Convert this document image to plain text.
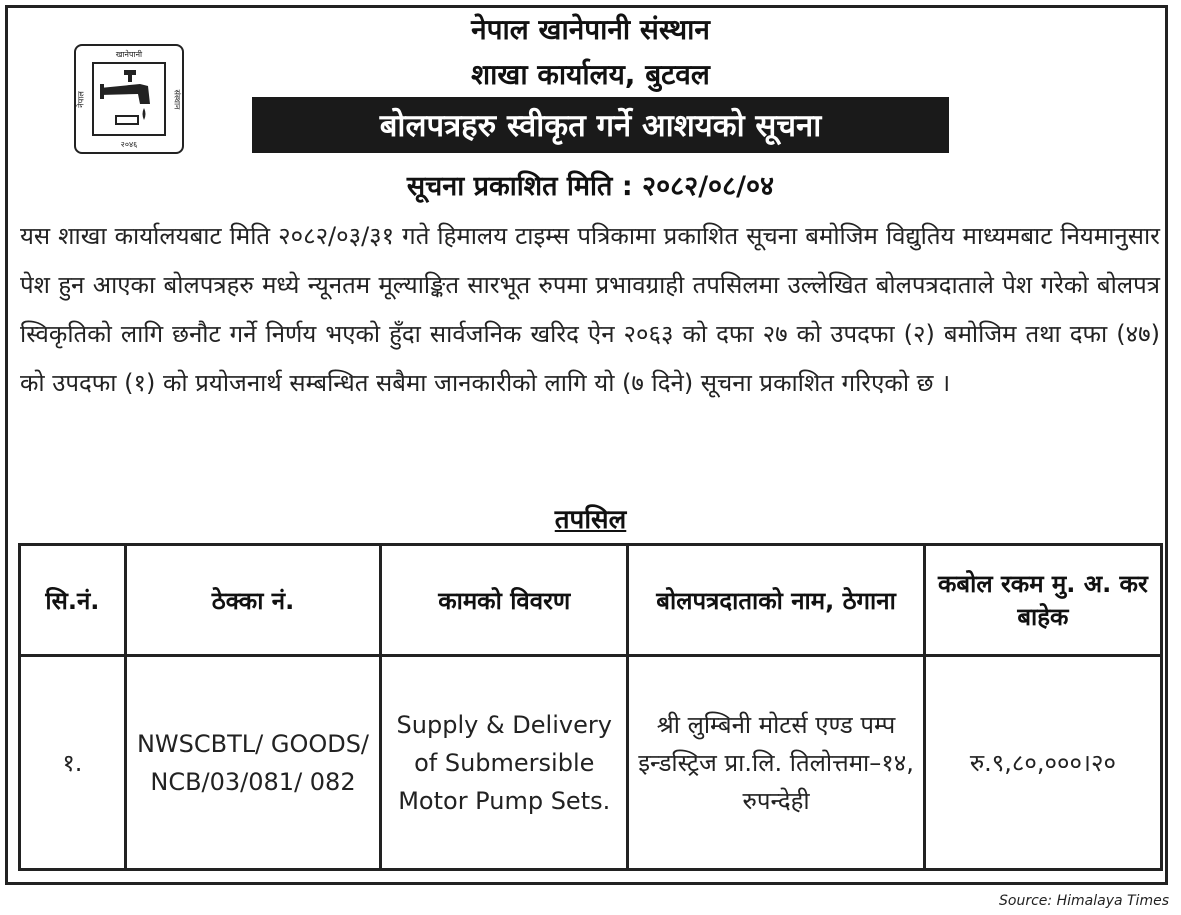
खानेपानी
नेपाल	संस्थान
२०४६
नेपाल खानेपानी संस्थान
शाखा कार्यालय, बुटवल
बोलपत्रहरु स्वीकृत गर्ने आशयको सूचना
सूचना प्रकाशित मिति : २०८२/०८/०४

यस शाखा कार्यालयबाट मिति २०८२/०३/३१ गते हिमालय टाइम्स पत्रिकामा प्रकाशित सूचना बमोजिम विद्युतिय माध्यमबाट नियमानुसार पेश हुन आएका बोलपत्रहरु मध्ये न्यूनतम मूल्याङ्कित सारभूत रुपमा प्रभावग्राही तपसिलमा उल्लेखित बोलपत्रदाताले पेश गरेको बोलपत्र स्विकृतिको लागि छनौट गर्ने निर्णय भएको हुँदा सार्वजनिक खरिद ऐन २०६३ को दफा २७ को उपदफा (२) बमोजिम तथा दफा (४७) को उपदफा (१) को प्रयोजनार्थ सम्बन्धित सबैमा जानकारीको लागि यो (७ दिने) सूचना प्रकाशित गरिएको छ ।

तपसिल
सि.नं.	ठेक्का नं.	कामको विवरण	बोलपत्रदाताको नाम, ठेगाना	कबोल रकम मु. अ. कर बाहेक
१.	NWSCBTL/ GOODS/ NCB/03/081/ 082	Supply & Delivery of Submersible Motor Pump Sets.	श्री लुम्बिनी मोटर्स एण्ड पम्प इन्डस्ट्रिज प्रा.लि. तिलोत्तमा–१४, रुपन्देही	रु.९,८०,०००।२०
Source: Himalaya Times
